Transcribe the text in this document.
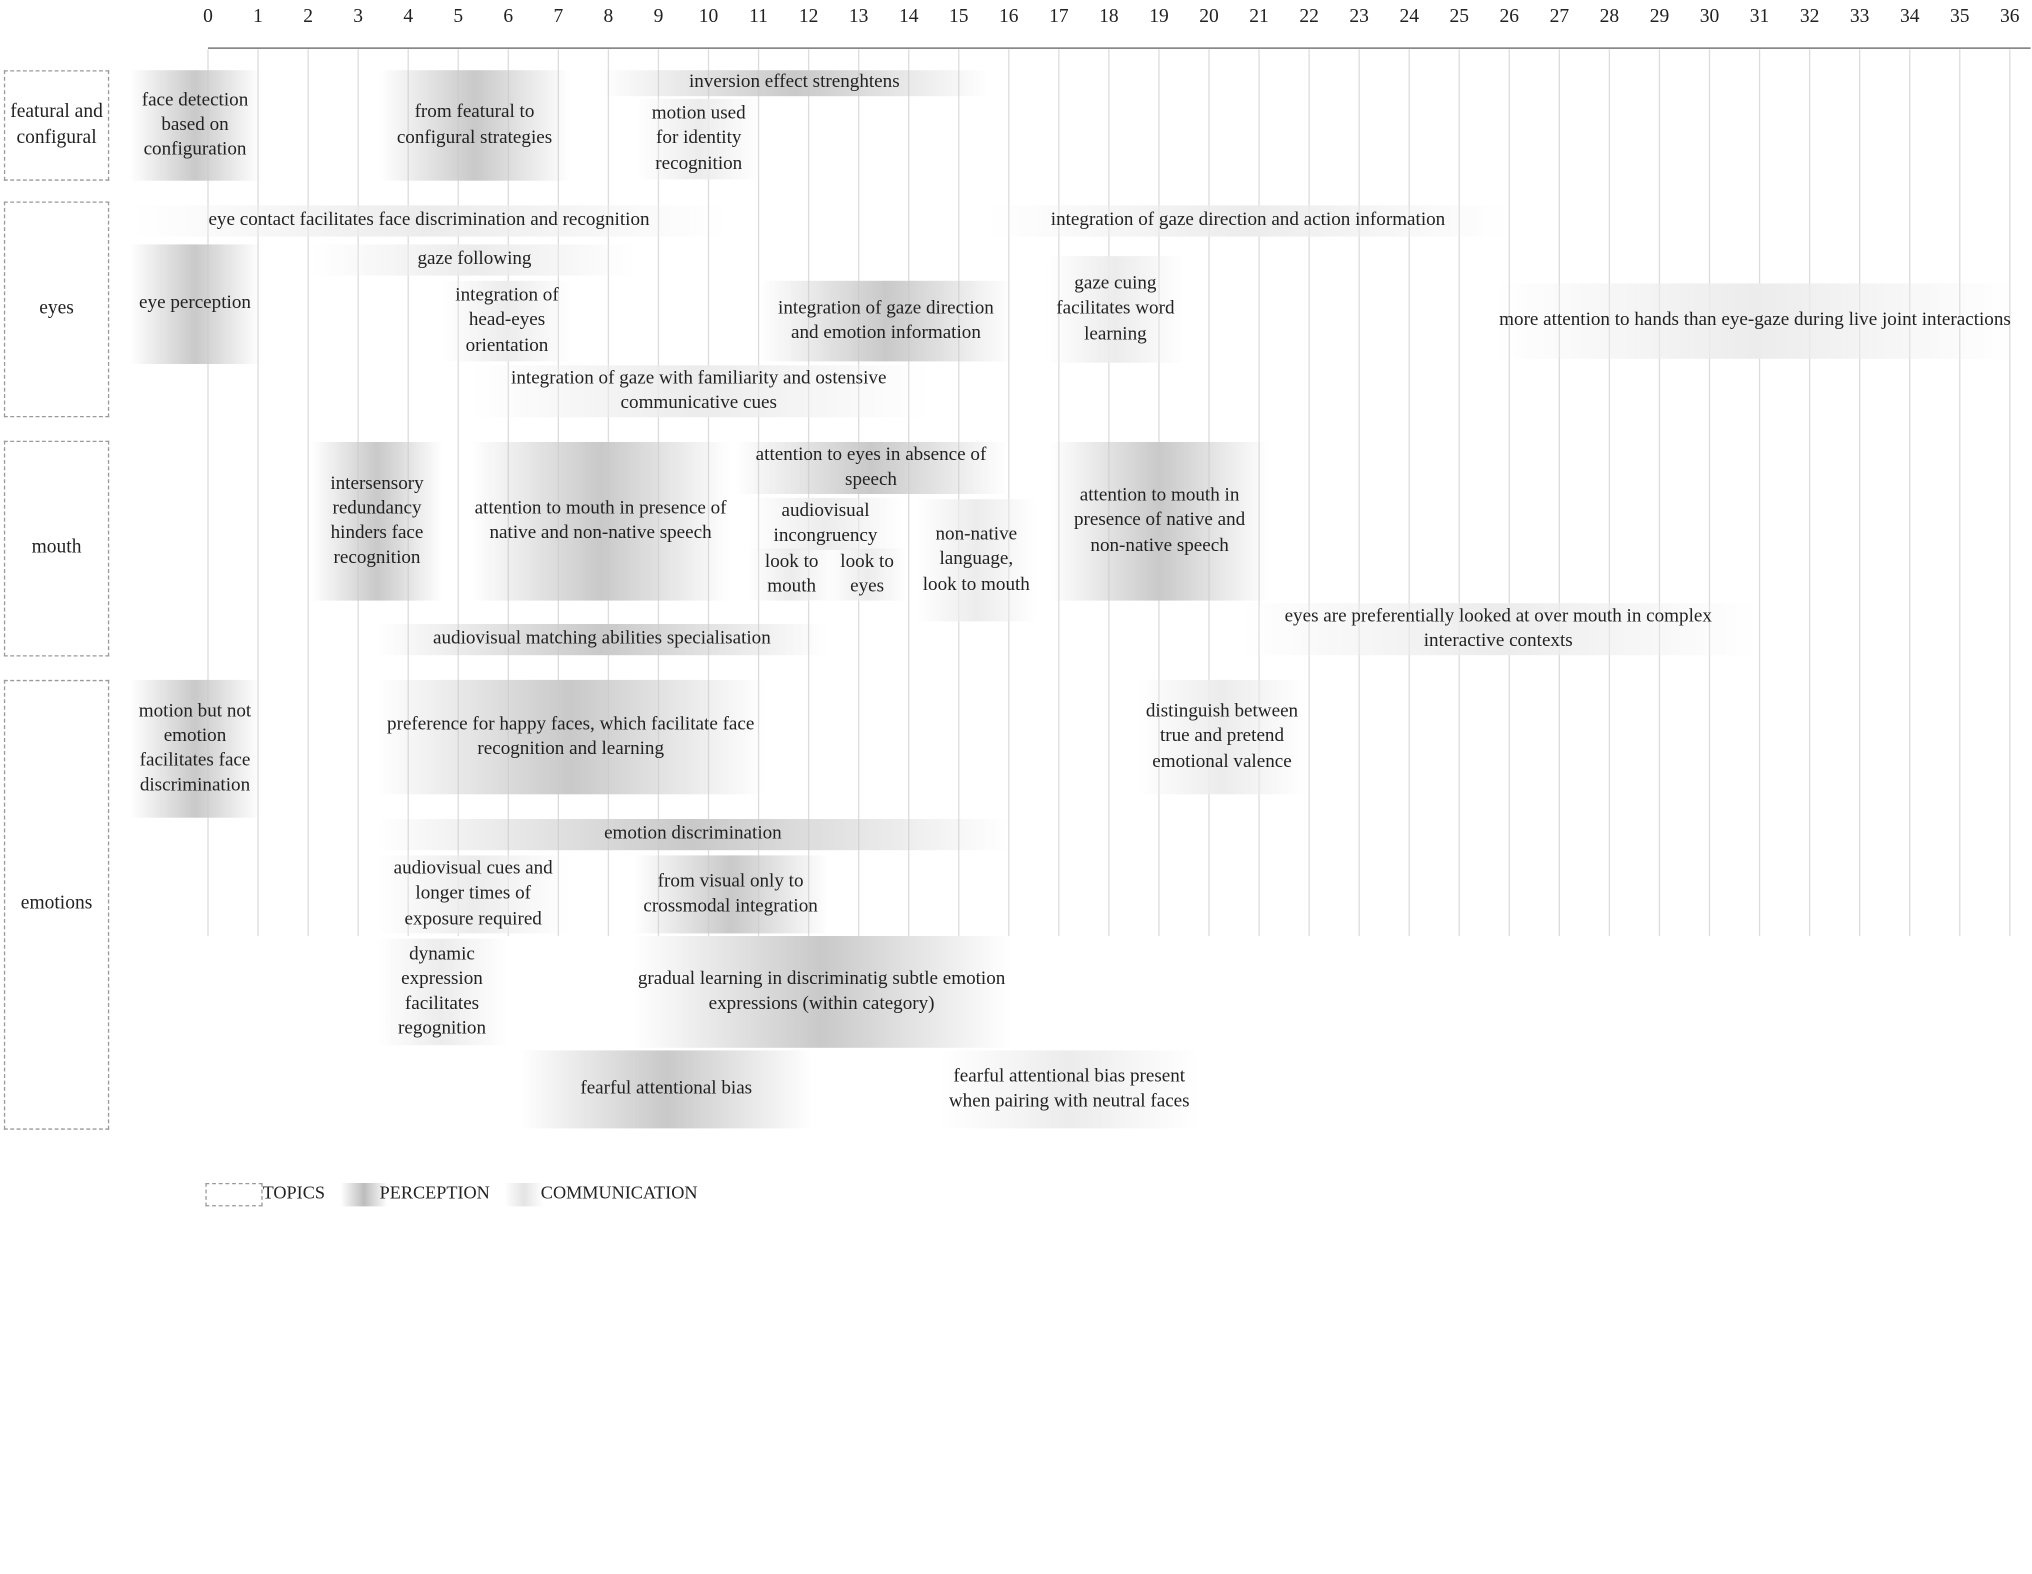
0	1	2	3	4	5	6	7	8	9 10 11 12 13 14 15 16 17 18 19 20 21 22 23 24 25 26 27 28 29 30 31 32 33 34 35 36
featural and configural
eyes
mouth
emotions
face detection based on configuration
from featural to configural strategies
inversion effect strenghtens
motion used for identity recognition
eye contact facilitates face discrimination and recognition	integration of gaze direction and action information
gaze following
eye perception	integration of head-eyes orientation
integration of gaze direction and emotion information
gaze cuing facilitates word learning
more attention to hands than eye-gaze during live joint interactions
integration of gaze with familiarity and ostensive communicative cues
intersensory redundancy hinders face recognition
attention to mouth in presence of native and non-native speech
attention to eyes in absence of speech
audiovisual incongruency
look to mouth
look to eyes
non-native language, look to mouth
attention to mouth in presence of native and non-native speech
audiovisual matching abilities specialisation
eyes are preferentially looked at over mouth in complex interactive contexts
motion but not emotion facilitates face discrimination
preference for happy faces, which facilitate face recognition and learning
distinguish between true and pretend emotional valence
emotion discrimination
audiovisual cues and longer times of exposure required
from visual only to crossmodal integration
dynamic expression facilitates regognition
gradual learning in discriminatig subtle emotion expressions (within category)
fearful attentional bias
fearful attentional bias present when pairing with neutral faces
TOPICS	PERCEPTION	COMMUNICATION
